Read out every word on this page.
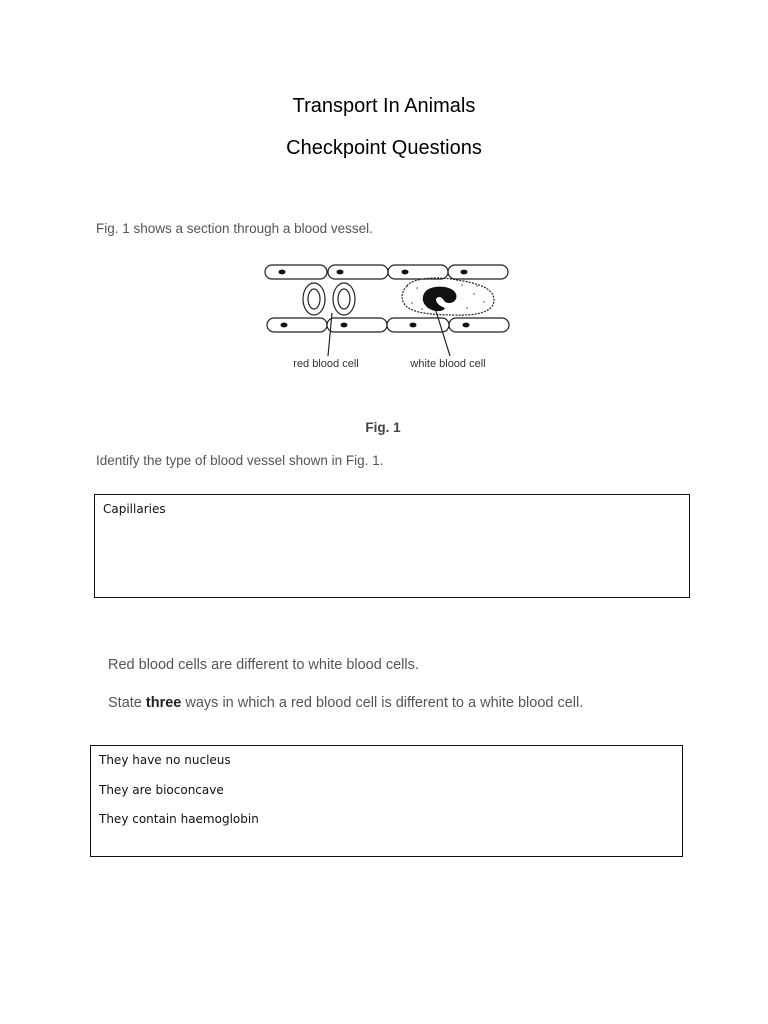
Transport In Animals
Checkpoint Questions
Fig. 1 shows a section through a blood vessel.
red blood cell	white blood cell
Fig. 1
Identify the type of blood vessel shown in Fig. 1.
Capillaries
Red blood cells are different to white blood cells.
State three ways in which a red blood cell is different to a white blood cell.
They have no nucleus
They are bioconcave
They contain haemoglobin
